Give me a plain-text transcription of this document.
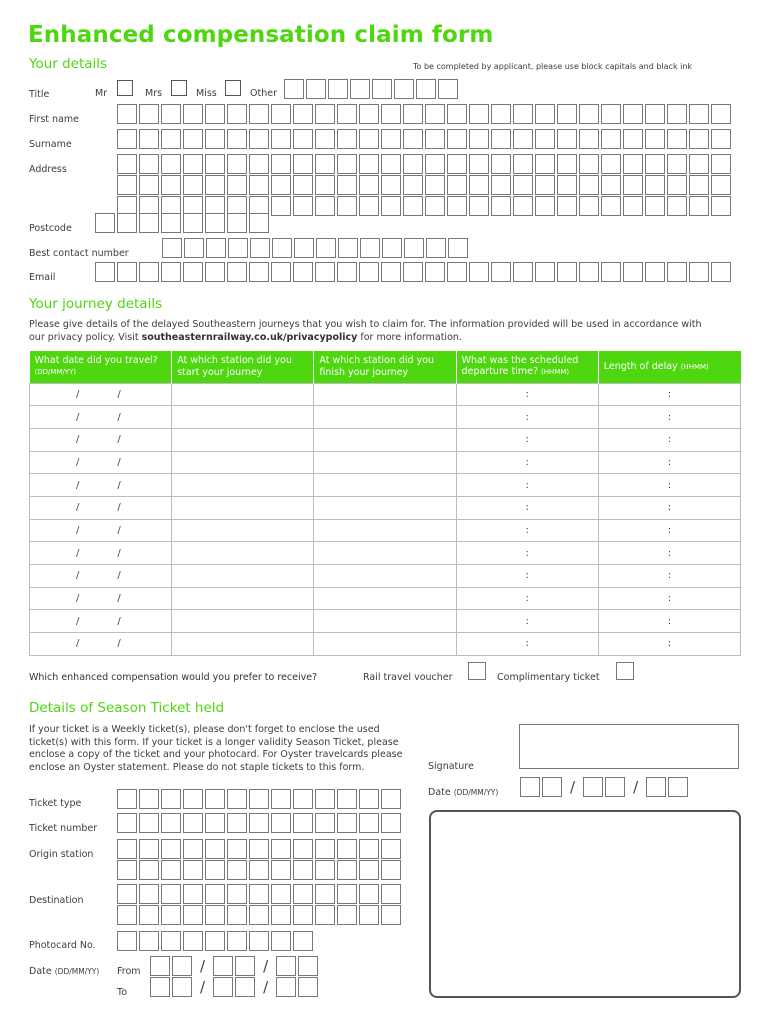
Enhanced compensation claim form
Your details	To be completed by applicant, please use block capitals and black ink
Title	Mr	Mrs	Miss	Other
First name
Surname
Address
Postcode
Best contact number
Email
Your journey details
Please give details of the delayed Southeastern journeys that you wish to claim for. The information provided will be used in accordance with our privacy policy. Visit southeasternrailway.co.uk/privacypolicy for more information.
What date did you travel? (DD/MM/YY)	At which station did you start your journey	At which station did you finish your journey	What was the scheduled departure time? (HHMM)	Length of delay (HHMM)
/ /			:	:
/ /			:	:
/ /			:	:
/ /			:	:
/ /			:	:
/ /			:	:
/ /			:	:
/ /			:	:
/ /			:	:
/ /			:	:
/ /			:	:
/ /			:	:
Which enhanced compensation would you prefer to receive?	Rail travel voucher	Complimentary ticket
Details of Season Ticket held
If your ticket is a Weekly ticket(s), please don't forget to enclose the used ticket(s) with this form. If your ticket is a longer validity Season Ticket, please enclose a copy of the ticket and your photocard. For Oyster travelcards please enclose an Oyster statement. Please do not staple tickets to this form.
Ticket type
Ticket number
Origin station
Destination
Photocard No.
Date (DD/MM/YY) From	/	/
To	/	/
Signature
Date (DD/MM/YY)	/	/
